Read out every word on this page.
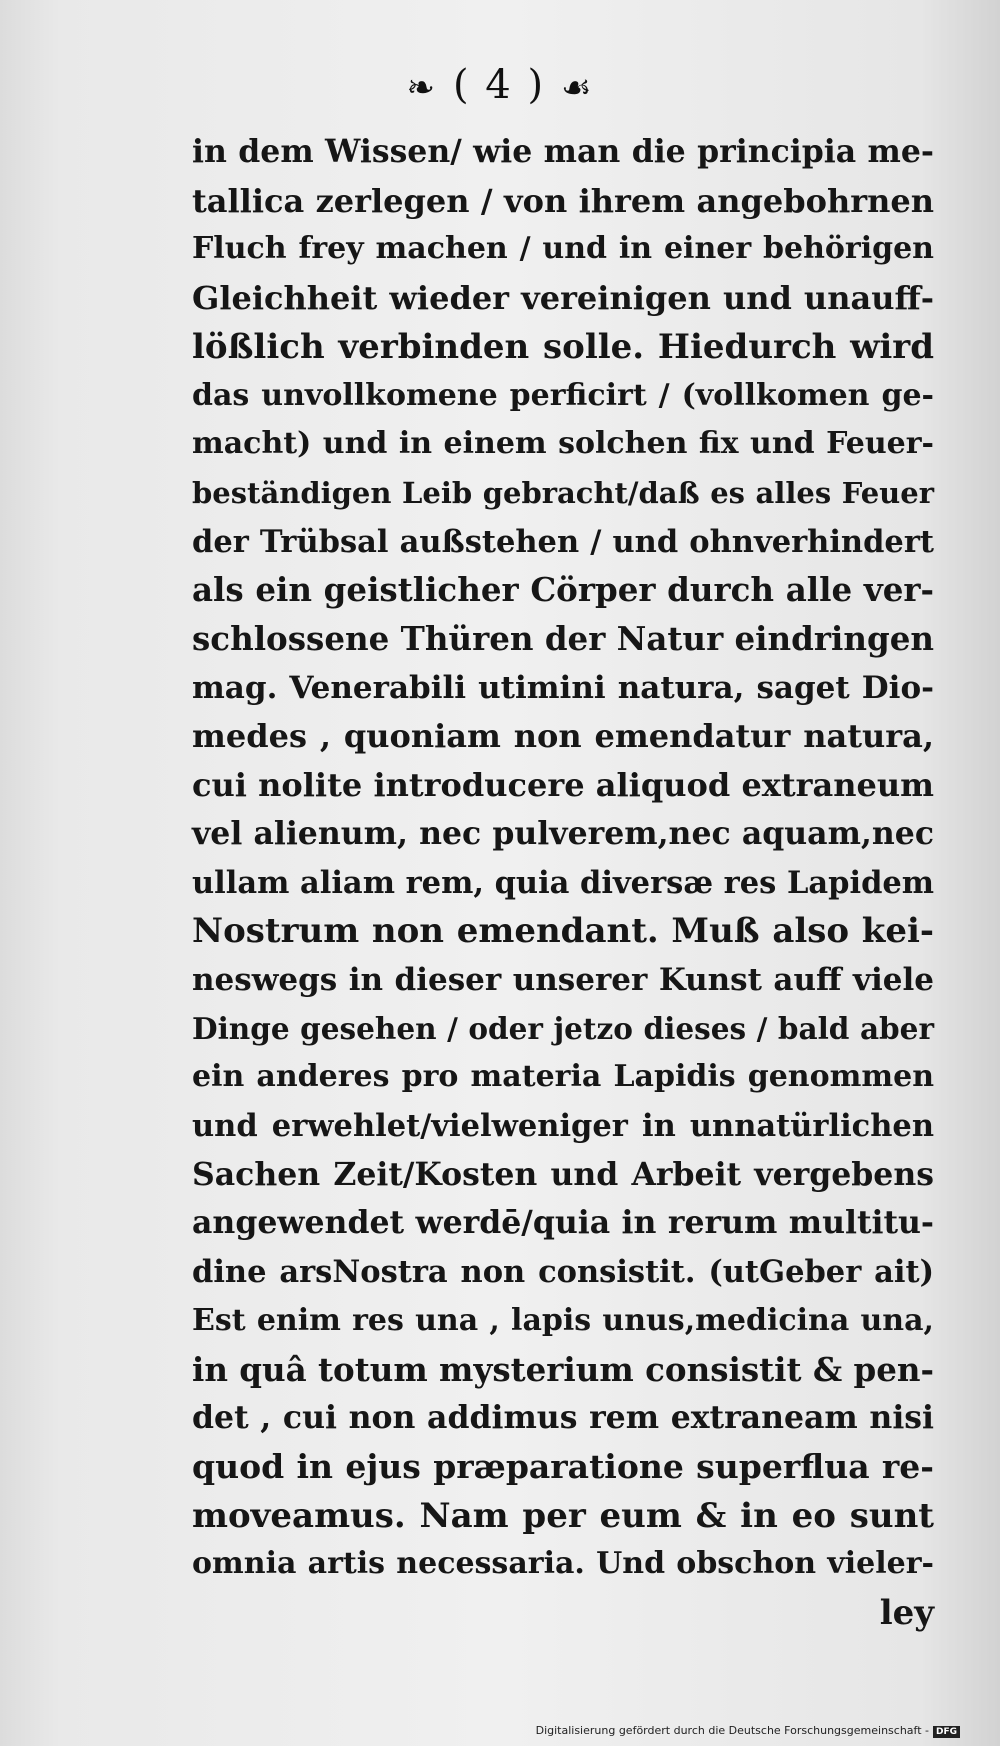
❧ ( 4 ) ☙
in dem Wissen/ wie man die principia me-
tallica zerlegen / von ihrem angebohrnen
Fluch frey machen / und in einer behörigen
Gleichheit wieder vereinigen und unauff-
lößlich verbinden solle. Hiedurch wird
das unvollkomene perficirt / (vollkomen ge-
macht) und in einem solchen fix und Feuer-
beständigen Leib gebracht/daß es alles Feuer
der Trübsal außstehen / und ohnverhindert
als ein geistlicher Cörper durch alle ver-
schlossene Thüren der Natur eindringen
mag. Venerabili utimini natura, saget Dio-
medes , quoniam non emendatur natura,
cui nolite introducere aliquod extraneum
vel alienum, nec pulverem,nec aquam,nec
ullam aliam rem, quia diversæ res Lapidem
Nostrum non emendant. Muß also kei-
neswegs in dieser unserer Kunst auff viele
Dinge gesehen / oder jetzo dieses / bald aber
ein anderes pro materia Lapidis genommen
und erwehlet/vielweniger in unnatürlichen
Sachen Zeit/Kosten und Arbeit vergebens
angewendet werdē/quia in rerum multitu-
dine arsNostra non consistit. (utGeber ait)
Est enim res una , lapis unus,medicina una,
in quâ totum mysterium consistit & pen-
det , cui non addimus rem extraneam nisi
quod in ejus præparatione superflua re-
moveamus. Nam per eum & in eo sunt
omnia artis necessaria. Und obschon vieler-
ley
Digitalisierung gefördert durch die Deutsche Forschungsgemeinschaft - DFG
